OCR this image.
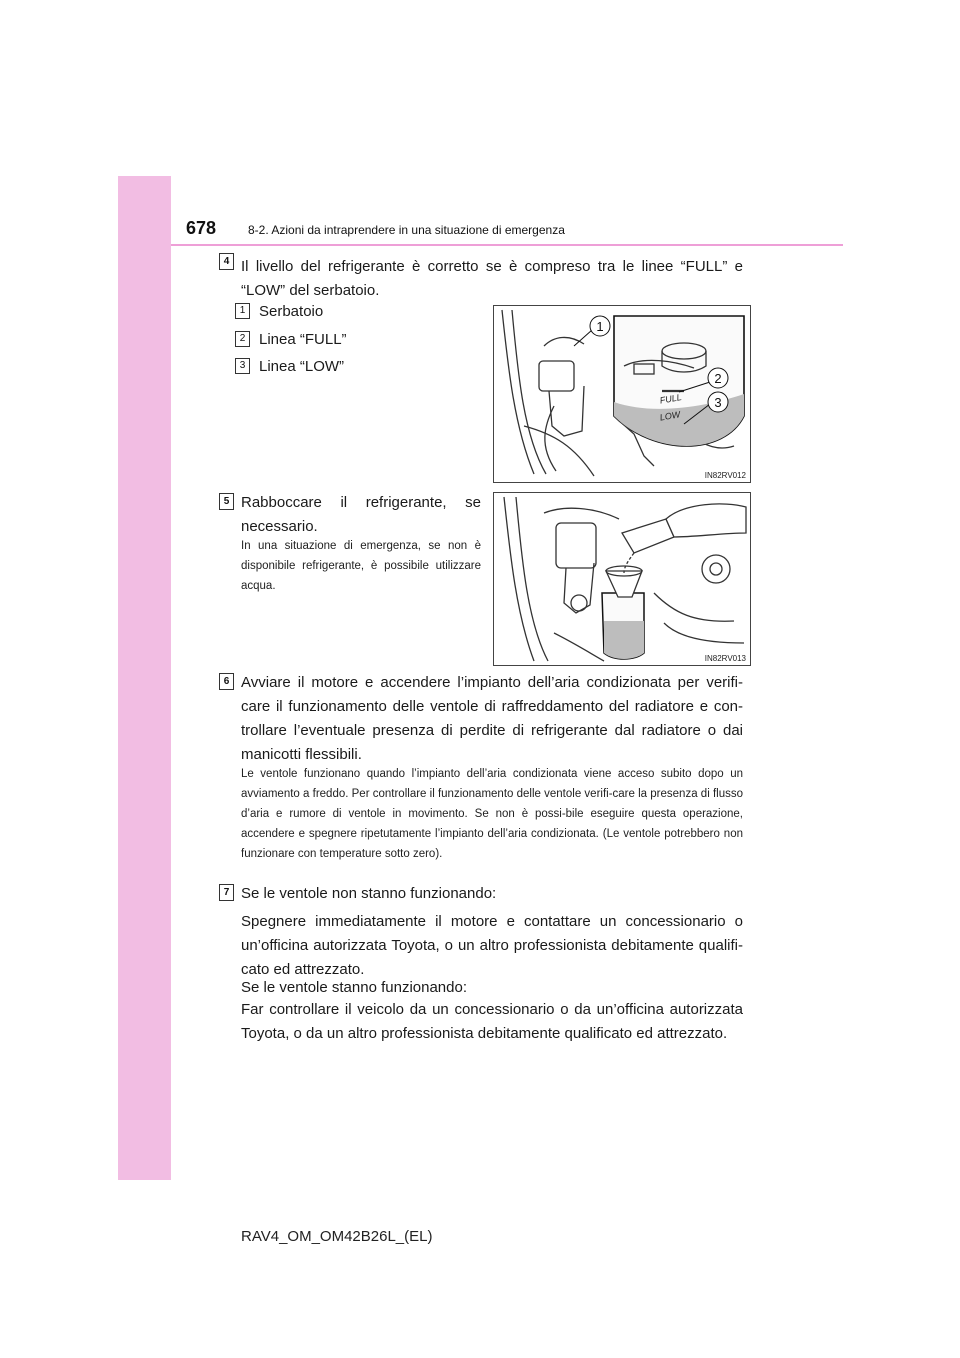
678	8-2. Azioni da intraprendere in una situazione di emergenza
4 Il livello del refrigerante è corretto se è compreso tra le linee “FULL” e “LOW” del serbatoio.
1 Serbatoio
2 Linea “FULL”
3 Linea “LOW”
FULL
LOW
1
2
3
IN82RV012
5 Rabboccare il refrigerante, se necessario.
In una situazione di emergenza, se non è disponibile refrigerante, è possibile utilizzare acqua.
IN82RV013
6 Avviare il motore e accendere l’impianto dell’aria condizionata per verifi-care il funzionamento delle ventole di raffreddamento del radiatore e con-trollare l’eventuale presenza di perdite di refrigerante dal radiatore o dai manicotti flessibili.
Le ventole funzionano quando l’impianto dell’aria condizionata viene acceso subito dopo un avviamento a freddo. Per controllare il funzionamento delle ventole verifi-care la presenza di flusso d’aria e rumore di ventole in movimento. Se non è possi-bile eseguire questa operazione, accendere e spegnere ripetutamente l’impianto dell’aria condizionata. (Le ventole potrebbero non funzionare con temperature sotto zero).
7 Se le ventole non stanno funzionando:
Spegnere immediatamente il motore e contattare un concessionario o un’officina autorizzata Toyota, o un altro professionista debitamente qualifi-cato ed attrezzato.
Se le ventole stanno funzionando:
Far controllare il veicolo da un concessionario o da un’officina autorizzata Toyota, o da un altro professionista debitamente qualificato ed attrezzato.
RAV4_OM_OM42B26L_(EL)
